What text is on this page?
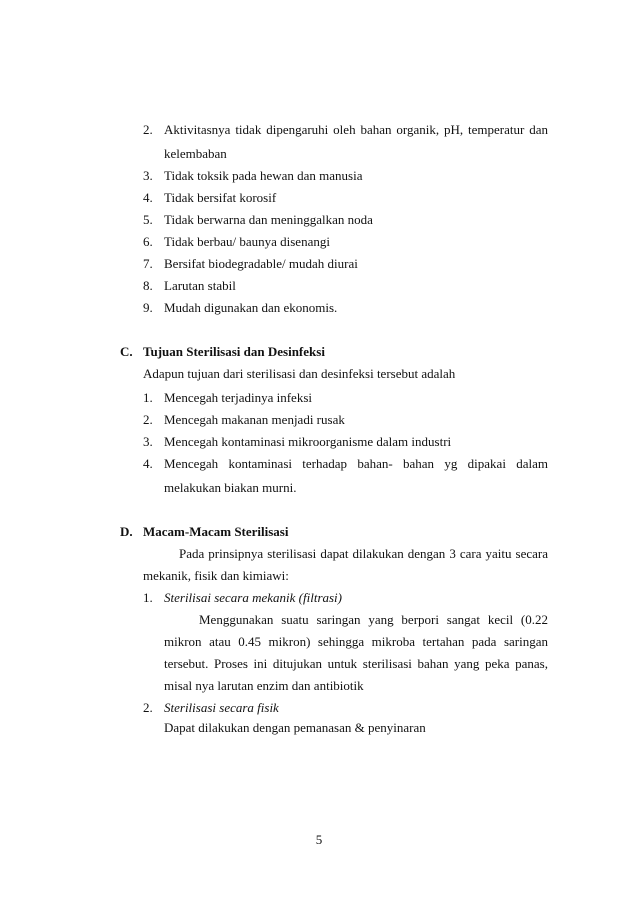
2. Aktivitasnya tidak dipengaruhi oleh bahan organik, pH, temperatur dan
kelembaban
3. Tidak toksik pada hewan dan manusia
4. Tidak bersifat korosif
5. Tidak berwarna dan meninggalkan noda
6. Tidak berbau/ baunya disenangi
7. Bersifat biodegradable/ mudah diurai
8. Larutan stabil
9. Mudah digunakan dan ekonomis.
C. Tujuan Sterilisasi dan Desinfeksi
Adapun tujuan dari sterilisasi dan desinfeksi tersebut adalah
1. Mencegah terjadinya infeksi
2. Mencegah makanan menjadi rusak
3. Mencegah kontaminasi mikroorganisme dalam industri
4. Mencegah kontaminasi terhadap bahan- bahan yg dipakai dalam
melakukan biakan murni.
D. Macam-Macam Sterilisasi
Pada prinsipnya sterilisasi dapat dilakukan dengan 3 cara yaitu secara
mekanik, fisik dan kimiawi:
1. Sterilisai secara mekanik (filtrasi)
Menggunakan suatu saringan yang berpori sangat kecil (0.22
mikron atau 0.45 mikron) sehingga mikroba tertahan pada saringan
tersebut. Proses ini ditujukan untuk sterilisasi bahan yang peka panas,
misal nya larutan enzim dan antibiotik
2. Sterilisasi secara fisik
Dapat dilakukan dengan pemanasan & penyinaran
5
